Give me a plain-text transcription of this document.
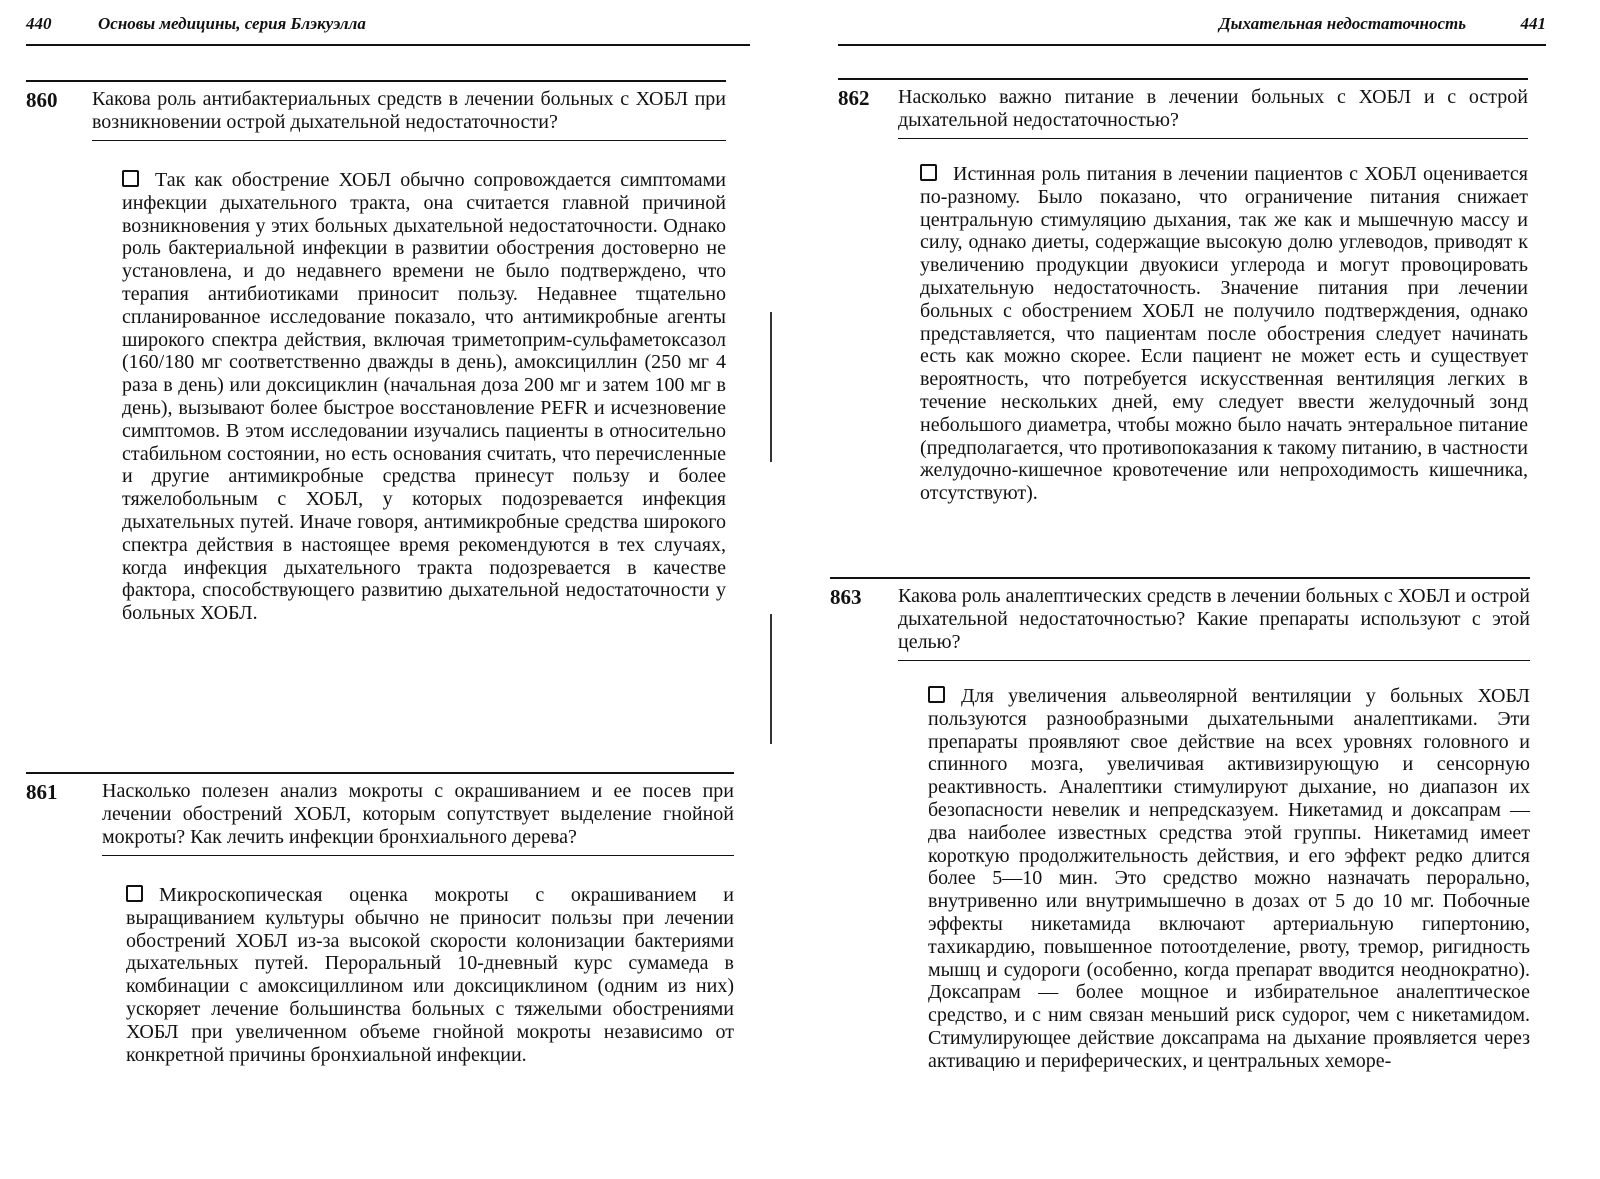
440	Основы медицины, серия Блэкуэлла
860 Какова роль антибактериальных средств в лечении больных с ХОБЛ при возникновении острой дыхательной недостаточности?
Так как обострение ХОБЛ обычно сопровождается симптомами инфекции дыхательного тракта, она считается главной причиной возникновения у этих больных дыхательной недостаточности. Однако роль бактериальной инфекции в развитии обострения достоверно не установлена, и до недавнего времени не было подтверждено, что терапия антибиотиками приносит пользу. Недавнее тщательно спланированное исследование показало, что антимикробные агенты широкого спектра действия, включая триметоприм-сульфаметоксазол (160/180 мг соответственно дважды в день), амоксициллин (250 мг 4 раза в день) или доксициклин (начальная доза 200 мг и затем 100 мг в день), вызывают более быстрое восстановление PEFR и исчезновение симптомов. В этом исследовании изучались пациенты в относительно стабильном состоянии, но есть основания считать, что перечисленные и другие антимикробные средства принесут пользу и более тяжелобольным с ХОБЛ, у которых подозревается инфекция дыхательных путей. Иначе говоря, антимикробные средства широкого спектра действия в настоящее время рекомендуются в тех случаях, когда инфекция дыхательного тракта подозревается в качестве фактора, способствующего развитию дыхательной недостаточности у больных ХОБЛ.
861 Насколько полезен анализ мокроты с окрашиванием и ее посев при лечении обострений ХОБЛ, которым сопутствует выделение гнойной мокроты? Как лечить инфекции бронхиального дерева?
Микроскопическая оценка мокроты с окрашиванием и выращиванием культуры обычно не приносит пользы при лечении обострений ХОБЛ из-за высокой скорости колонизации бактериями дыхательных путей. Пероральный 10-дневный курс сумамеда в комбинации с амоксициллином или доксициклином (одним из них) ускоряет лечение большинства больных с тяжелыми обострениями ХОБЛ при увеличенном объеме гнойной мокроты независимо от конкретной причины бронхиальной инфекции.
Дыхательная недостаточность	441
862 Насколько важно питание в лечении больных с ХОБЛ и с острой дыхательной недостаточностью?
Истинная роль питания в лечении пациентов с ХОБЛ оценивается по-разному. Было показано, что ограничение питания снижает центральную стимуляцию дыхания, так же как и мышечную массу и силу, однако диеты, содержащие высокую долю углеводов, приводят к увеличению продукции двуокиси углерода и могут провоцировать дыхательную недостаточность. Значение питания при лечении больных с обострением ХОБЛ не получило подтверждения, однако представляется, что пациентам после обострения следует начинать есть как можно скорее. Если пациент не может есть и существует вероятность, что потребуется искусственная вентиляция легких в течение нескольких дней, ему следует ввести желудочный зонд небольшого диаметра, чтобы можно было начать энтеральное питание (предполагается, что противопоказания к такому питанию, в частности желудочно-кишечное кровотечение или непроходимость кишечника, отсутствуют).
863 Какова роль аналептических средств в лечении больных с ХОБЛ и острой дыхательной недостаточностью? Какие препараты используют с этой целью?
Для увеличения альвеолярной вентиляции у больных ХОБЛ пользуются разнообразными дыхательными аналептиками. Эти препараты проявляют свое действие на всех уровнях головного и спинного мозга, увеличивая активизирующую и сенсорную реактивность. Аналептики стимулируют дыхание, но диапазон их безопасности невелик и непредсказуем. Никетамид и доксапрам — два наиболее известных средства этой группы. Никетамид имеет короткую продолжительность действия, и его эффект редко длится более 5—10 мин. Это средство можно назначать перорально, внутривенно или внутримышечно в дозах от 5 до 10 мг. Побочные эффекты никетамида включают артериальную гипертонию, тахикардию, повышенное потоотделение, рвоту, тремор, ригидность мышц и судороги (особенно, когда препарат вводится неоднократно). Доксапрам — более мощное и избирательное аналептическое средство, и с ним связан меньший риск судорог, чем с никетамидом. Стимулирующее действие доксапрама на дыхание проявляется через активацию и периферических, и центральных хеморе-
